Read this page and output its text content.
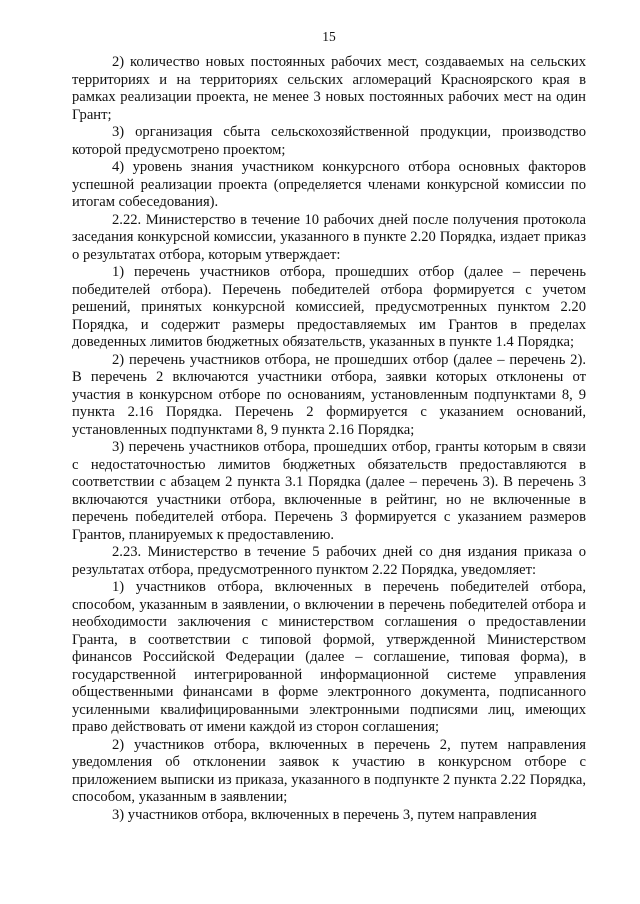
15

2) количество новых постоянных рабочих мест, создаваемых на сельских территориях и на территориях сельских агломераций Красноярского края в рамках реализации проекта, не менее 3 новых постоянных рабочих мест на один Грант;

3) организация сбыта сельскохозяйственной продукции, производство которой предусмотрено проектом;

4) уровень знания участником конкурсного отбора основных факторов успешной реализации проекта (определяется членами конкурсной комиссии по итогам собеседования).

2.22. Министерство в течение 10 рабочих дней после получения протокола заседания конкурсной комиссии, указанного в пункте 2.20 Порядка, издает приказ о результатах отбора, которым утверждает:

1) перечень участников отбора, прошедших отбор (далее – перечень победителей отбора). Перечень победителей отбора формируется с учетом решений, принятых конкурсной комиссией, предусмотренных пунктом 2.20 Порядка, и содержит размеры предоставляемых им Грантов в пределах доведенных лимитов бюджетных обязательств, указанных в пункте 1.4 Порядка;

2) перечень участников отбора, не прошедших отбор (далее – перечень 2). В перечень 2 включаются участники отбора, заявки которых отклонены от участия в конкурсном отборе по основаниям, установленным подпунктами 8, 9 пункта 2.16 Порядка. Перечень 2 формируется с указанием оснований, установленных подпунктами 8, 9 пункта 2.16 Порядка;

3) перечень участников отбора, прошедших отбор, гранты которым в связи с недостаточностью лимитов бюджетных обязательств предоставляются в соответствии с абзацем 2 пункта 3.1 Порядка (далее – перечень 3). В перечень 3 включаются участники отбора, включенные в рейтинг, но не включенные в перечень победителей отбора. Перечень 3 формируется с указанием размеров Грантов, планируемых к предоставлению.

2.23. Министерство в течение 5 рабочих дней со дня издания приказа о результатах отбора, предусмотренного пунктом 2.22 Порядка, уведомляет:

1) участников отбора, включенных в перечень победителей отбора, способом, указанным в заявлении, о включении в перечень победителей отбора и необходимости заключения с министерством соглашения о предоставлении Гранта, в соответствии с типовой формой, утвержденной Министерством финансов Российской Федерации (далее – соглашение, типовая форма), в государственной интегрированной информационной системе управления общественными финансами в форме электронного документа, подписанного усиленными квалифицированными электронными подписями лиц, имеющих право действовать от имени каждой из сторон соглашения;

2) участников отбора, включенных в перечень 2, путем направления уведомления об отклонении заявок к участию в конкурсном отборе с приложением выписки из приказа, указанного в подпункте 2 пункта 2.22 Порядка, способом, указанным в заявлении;

3) участников отбора, включенных в перечень 3, путем направления
